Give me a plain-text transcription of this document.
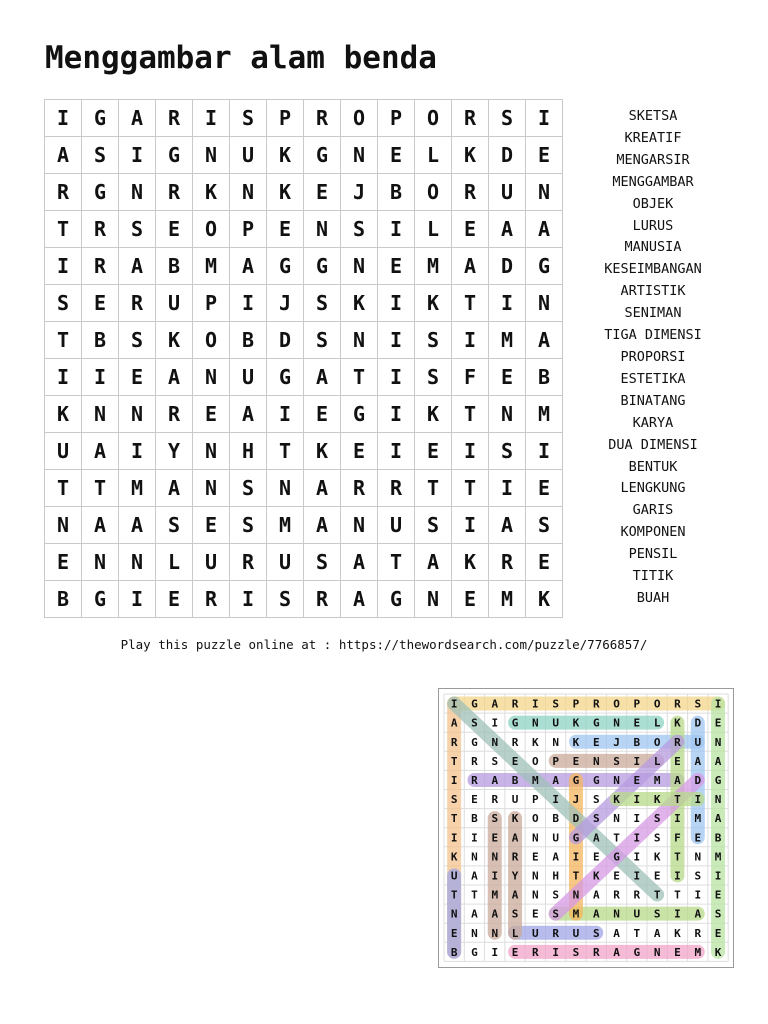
Menggambar alam benda
I	G	A	R	I	S	P	R	O	P	O	R	S	I
A	S	I	G	N	U	K	G	N	E	L	K	D	E
R	G	N	R	K	N	K	E	J	B	O	R	U	N
T	R	S	E	O	P	E	N	S	I	L	E	A	A
I	R	A	B	M	A	G	G	N	E	M	A	D	G
S	E	R	U	P	I	J	S	K	I	K	T	I	N
T	B	S	K	O	B	D	S	N	I	S	I	M	A
I	I	E	A	N	U	G	A	T	I	S	F	E	B
K	N	N	R	E	A	I	E	G	I	K	T	N	M
U	A	I	Y	N	H	T	K	E	I	E	I	S	I
T	T	M	A	N	S	N	A	R	R	T	T	I	E
N	A	A	S	E	S	M	A	N	U	S	I	A	S
E	N	N	L	U	R	U	S	A	T	A	K	R	E
B	G	I	E	R	I	S	R	A	G	N	E	M	K
SKETSA
KREATIF
MENGARSIR
MENGGAMBAR
OBJEK
LURUS
MANUSIA
KESEIMBANGAN
ARTISTIK
SENIMAN
TIGA DIMENSI
PROPORSI
ESTETIKA
BINATANG
KARYA
DUA DIMENSI
BENTUK
LENGKUNG
GARIS
KOMPONEN
PENSIL
TITIK
BUAH
Play this puzzle online at : https://thewordsearch.com/puzzle/7766857/
I G A R I S P R O P O R S I
A S I G N U K G N E L K D E
R G N R K N K E J B O R U N
T R S E O P E N S I L E A A
I R A B M A G G N E M A D G
S E R U P I J S K I K T I N
T B S K O B D S N I S I M A
I I E A N U G A T I S F E B
K N N R E A I E G I K T N M
U A I Y N H T K E I E I S I
T T M A N S N A R R T T I E
N A A S E S M A N U S I A S
E N N L U R U S A T A K R E
B G I E R I S R A G N E M K
